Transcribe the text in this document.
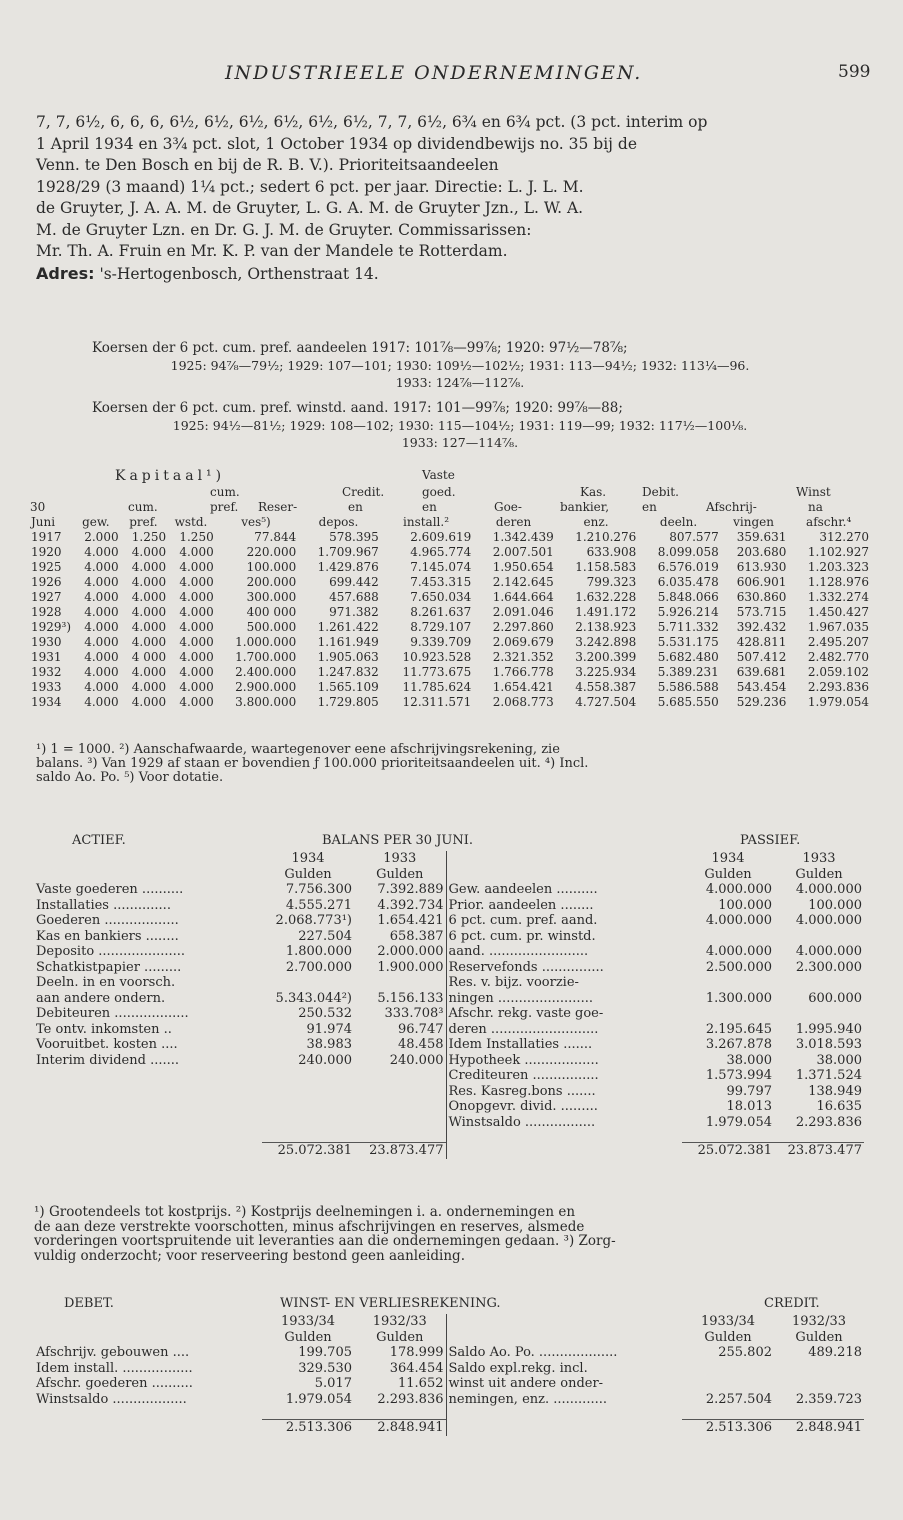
INDUSTRIEELE ONDERNEMINGEN.	599
7, 7, 6½, 6, 6, 6, 6½, 6½, 6½, 6½, 6½, 6½, 7, 7, 6½, 6¾ en 6¾ pct. (3 pct. interim op
1 April 1934 en 3¾ pct. slot, 1 October 1934 op dividendbewijs no. 35 bij de
Venn. te Den Bosch en bij de R. B. V.). Prioriteitsaandeelen
1928/29 (3 maand) 1¼ pct.; sedert 6 pct. per jaar. Directie: L. J. L. M.
de Gruyter, J. A. A. M. de Gruyter, L. G. A. M. de Gruyter Jzn., L. W. A.
M. de Gruyter Lzn. en Dr. G. J. M. de Gruyter. Commissarissen:
Mr. Th. A. Fruin en Mr. K. P. van der Mandele te Rotterdam.
Adres: 's-Hertogenbosch, Orthenstraat 14.
Koersen der 6 pct. cum. pref. aandeelen 1917: 101⅞—99⅞; 1920: 97½—78⅞;
1925: 94⅞—79½; 1929: 107—101; 1930: 109½—102½; 1931: 113—94½; 1932: 113¼—96.
1933: 124⅞—112⅞.
Koersen der 6 pct. cum. pref. winstd. aand. 1917: 101—99⅞; 1920: 99⅞—88;
1925: 94½—81½; 1929: 108—102; 1930: 115—104½; 1931: 119—99; 1932: 117½—100⅛.
1933: 127—114⅞.
Kapitaal¹)	Vaste
cum.	Credit.	goed.	Kas.	Debit.	Winst
30	cum.	pref. Reser-	en	en	Goe-	bankier,	en	Afschrij-	na
Juni	gew.	pref.	wstd.	ves⁵)	depos.	install.²	deren	enz.	deeln.	vingen	afschr.⁴
1917	2.000	1.250	1.250	77.844	578.395	2.609.619	1.342.439	1.210.276	807.577	359.631	312.270
1920	4.000	4.000	4.000	220.000	1.709.967	4.965.774	2.007.501	633.908	8.099.058	203.680	1.102.927
1925	4.000	4.000	4.000	100.000	1.429.876	7.145.074	1.950.654	1.158.583	6.576.019	613.930	1.203.323
1926	4.000	4.000	4.000	200.000	699.442	7.453.315	2.142.645	799.323	6.035.478	606.901	1.128.976
1927	4.000	4.000	4.000	300.000	457.688	7.650.034	1.644.664	1.632.228	5.848.066	630.860	1.332.274
1928	4.000	4.000	4.000	400 000	971.382	8.261.637	2.091.046	1.491.172	5.926.214	573.715	1.450.427
1929³)	4.000	4.000	4.000	500.000	1.261.422	8.729.107	2.297.860	2.138.923	5.711.332	392.432	1.967.035
1930	4.000	4.000	4.000	1.000.000	1.161.949	9.339.709	2.069.679	3.242.898	5.531.175	428.811	2.495.207
1931	4.000	4 000	4.000	1.700.000	1.905.063	10.923.528	2.321.352	3.200.399	5.682.480	507.412	2.482.770
1932	4.000	4.000	4.000	2.400.000	1.247.832	11.773.675	1.766.778	3.225.934	5.389.231	639.681	2.059.102
1933	4.000	4.000	4.000	2.900.000	1.565.109	11.785.624	1.654.421	4.558.387	5.586.588	543.454	2.293.836
1934	4.000	4.000	4.000	3.800.000	1.729.805	12.311.571	2.068.773	4.727.504	5.685.550	529.236	1.979.054
¹) 1 = 1000. ²) Aanschafwaarde, waartegenover eene afschrijvingsrekening, zie
balans. ³) Van 1929 af staan er bovendien ƒ 100.000 prioriteitsaandeelen uit. ⁴) Incl.
saldo Ao. Po. ⁵) Voor dotatie.
ACTIEF.	BALANS PER 30 JUNI.	PASSIEF.
	1934	1933		1934	1933
	Gulden	Gulden		Gulden	Gulden
Vaste goederen ..........	7.756.300	7.392.889	Gew. aandeelen ..........	4.000.000	4.000.000
Installaties ..............	4.555.271	4.392.734	Prior. aandeelen ........	100.000	100.000
Goederen ..................	2.068.773¹)	1.654.421	6 pct. cum. pref. aand.	4.000.000	4.000.000
Kas en bankiers ........	227.504	658.387	6 pct. cum. pr. winstd.		
Deposito .....................	1.800.000	2.000.000	aand. ........................	4.000.000	4.000.000
Schatkistpapier .........	2.700.000	1.900.000	Reservefonds ...............	2.500.000	2.300.000
Deeln. in en voorsch.			Res. v. bijz. voorzie-		
aan andere ondern.	5.343.044²)	5.156.133	ningen .......................	1.300.000	600.000
Debiteuren ..................	250.532	333.708³	Afschr. rekg. vaste goe-		
Te ontv. inkomsten ..	91.974	96.747	deren ..........................	2.195.645	1.995.940
Vooruitbet. kosten ....	38.983	48.458	Idem Installaties .......	3.267.878	3.018.593
Interim dividend .......	240.000	240.000	Hypotheek ..................	38.000	38.000
			Crediteuren ................	1.573.994	1.371.524
			Res. Kasreg.bons .......	99.797	138.949
			Onopgevr. divid. .........	18.013	16.635
			Winstsaldo .................	1.979.054	2.293.836

	25.072.381	23.873.477		25.072.381	23.873.477
¹) Grootendeels tot kostprijs. ²) Kostprijs deelnemingen i. a. ondernemingen en
de aan deze verstrekte voorschotten, minus afschrijvingen en reserves, alsmede
vorderingen voortspruitende uit leveranties aan die ondernemingen gedaan. ³) Zorg-
vuldig onderzocht; voor reserveering bestond geen aanleiding.
DEBET.	WINST- EN VERLIESREKENING.	CREDIT.
	1933/34	1932/33		1933/34	1932/33
	Gulden	Gulden		Gulden	Gulden
Afschrijv. gebouwen ....	199.705	178.999	Saldo Ao. Po. ...................	255.802	489.218
Idem install. .................	329.530	364.454	Saldo expl.rekg. incl.		
Afschr. goederen ..........	5.017	11.652	winst uit andere onder-		
Winstsaldo ..................	1.979.054	2.293.836	nemingen, enz. .............	2.257.504	2.359.723

	2.513.306	2.848.941		2.513.306	2.848.941
